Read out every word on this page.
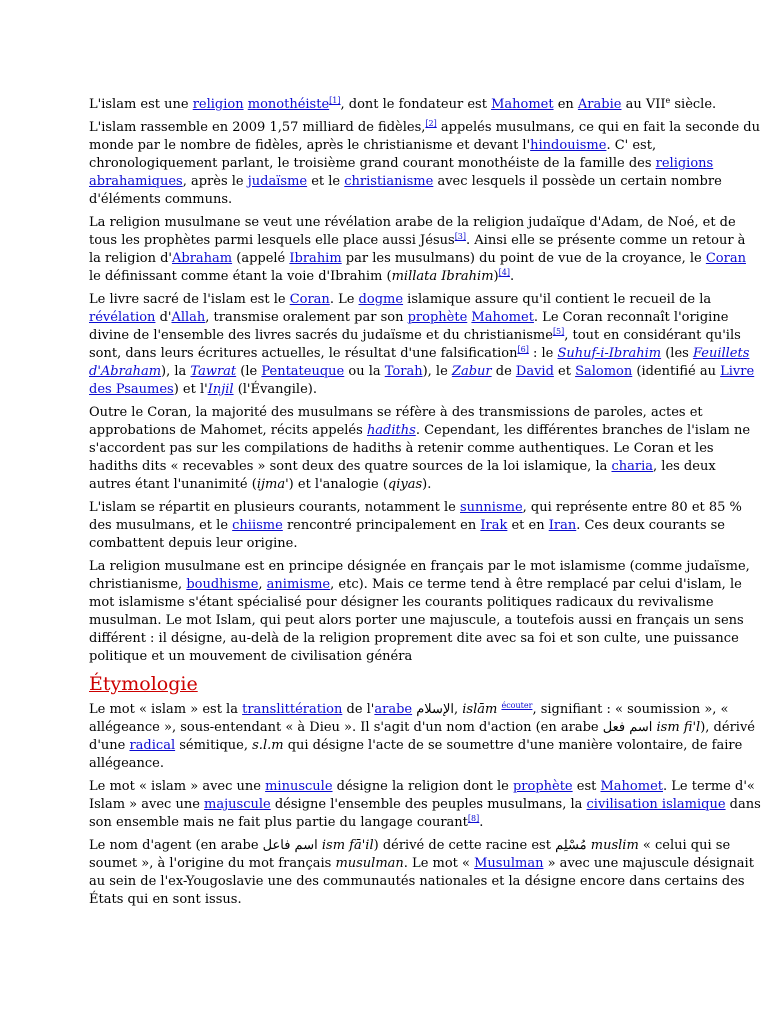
L'islam est une religion monothéiste[1], dont le fondateur est Mahomet en Arabie au VIIe siècle.

L'islam rassemble en 2009 1,57 milliard de fidèles,[2] appelés musulmans, ce qui en fait la seconde du monde par le nombre de fidèles, après le christianisme et devant l'hindouisme. C' est, chronologiquement parlant, le troisième grand courant monothéiste de la famille des religions abrahamiques, après le judaïsme et le christianisme avec lesquels il possède un certain nombre d'éléments communs.

La religion musulmane se veut une révélation arabe de la religion judaïque d'Adam, de Noé, et de tous les prophètes parmi lesquels elle place aussi Jésus[3]. Ainsi elle se présente comme un retour à la religion d'Abraham (appelé Ibrahim par les musulmans) du point de vue de la croyance, le Coran le définissant comme étant la voie d'Ibrahim (millata Ibrahim)[4].

Le livre sacré de l'islam est le Coran. Le dogme islamique assure qu'il contient le recueil de la révélation d'Allah, transmise oralement par son prophète Mahomet. Le Coran reconnaît l'origine divine de l'ensemble des livres sacrés du judaïsme et du christianisme[5], tout en considérant qu'ils sont, dans leurs écritures actuelles, le résultat d'une falsification[6] : le Suhuf-i-Ibrahim (les Feuillets d'Abraham), la Tawrat (le Pentateuque ou la Torah), le Zabur de David et Salomon (identifié au Livre des Psaumes) et l'Injil (l'Évangile).

Outre le Coran, la majorité des musulmans se réfère à des transmissions de paroles, actes et approbations de Mahomet, récits appelés hadiths. Cependant, les différentes branches de l'islam ne s'accordent pas sur les compilations de hadiths à retenir comme authentiques. Le Coran et les hadiths dits « recevables » sont deux des quatre sources de la loi islamique, la charia, les deux autres étant l'unanimité (ijma') et l'analogie (qiyas).

L'islam se répartit en plusieurs courants, notamment le sunnisme, qui représente entre 80 et 85 % des musulmans, et le chiisme rencontré principalement en Irak et en Iran. Ces deux courants se combattent depuis leur origine.

La religion musulmane est en principe désignée en français par le mot islamisme (comme judaïsme, christianisme, boudhisme, animisme, etc). Mais ce terme tend à être remplacé par celui d'islam, le mot islamisme s'étant spécialisé pour désigner les courants politiques radicaux du revivalisme musulman. Le mot Islam, qui peut alors porter une majuscule, a toutefois aussi en français un sens différent : il désigne, au-delà de la religion proprement dite avec sa foi et son culte, une puissance politique et un mouvement de civilisation généra

Étymologie

Le mot « islam » est la translittération de l'arabe الإسلام, islām $^{écouter}$, signifiant : « soumission », « allégeance », sous-entendant « à Dieu ». Il s'agit d'un nom d'action (en arabe اسم فعل ism fi'l), dérivé d'une radical sémitique, s.l.m qui désigne l'acte de se soumettre d'une manière volontaire, de faire allégeance.

Le mot « islam » avec une minuscule désigne la religion dont le prophète est Mahomet. Le terme d'« Islam » avec une majuscule désigne l'ensemble des peuples musulmans, la civilisation islamique dans son ensemble mais ne fait plus partie du langage courant[8].

Le nom d'agent (en arabe اسم فاعل ism fā'il) dérivé de cette racine est مُسْلِم muslim « celui qui se soumet », à l'origine du mot français musulman. Le mot « Musulman » avec une majuscule désignait au sein de l'ex-Yougoslavie une des communautés nationales et la désigne encore dans certains des États qui en sont issus.
